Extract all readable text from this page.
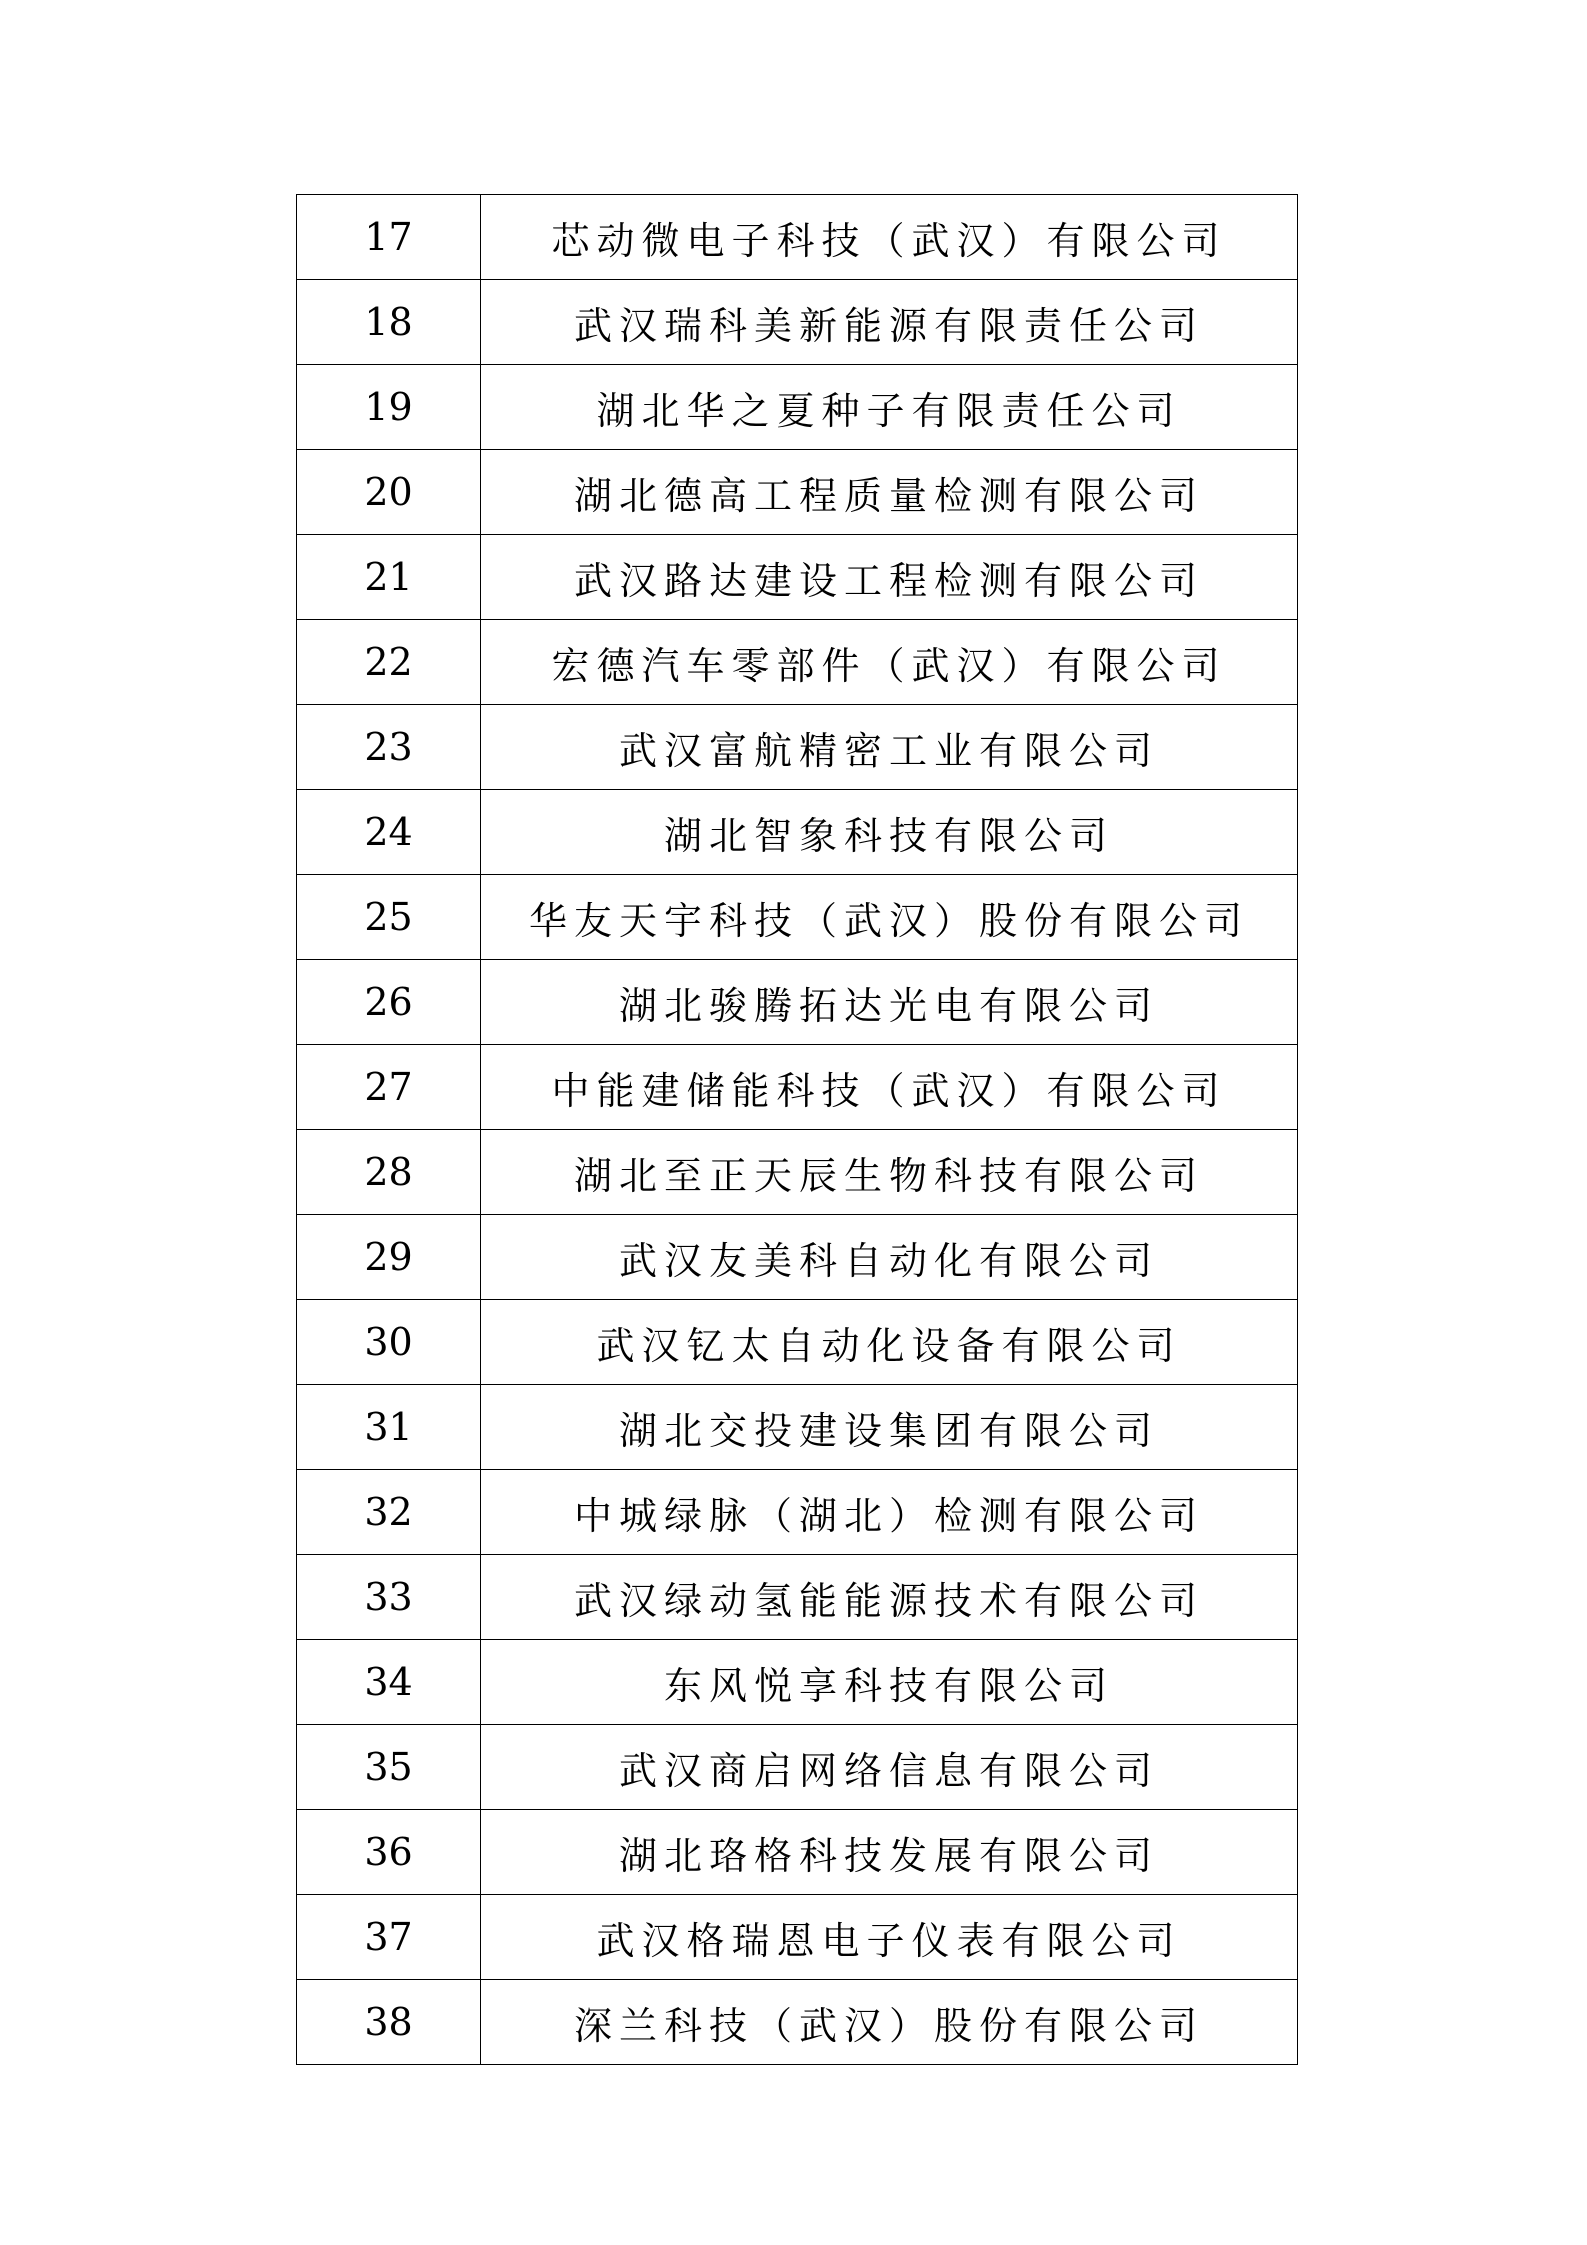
17	芯动微电子科技（武汉）有限公司
18	武汉瑞科美新能源有限责任公司
19	湖北华之夏种子有限责任公司
20	湖北德高工程质量检测有限公司
21	武汉路达建设工程检测有限公司
22	宏德汽车零部件（武汉）有限公司
23	武汉富航精密工业有限公司
24	湖北智象科技有限公司
25	华友天宇科技（武汉）股份有限公司
26	湖北骏腾拓达光电有限公司
27	中能建储能科技（武汉）有限公司
28	湖北至正天辰生物科技有限公司
29	武汉友美科自动化有限公司
30	武汉钇太自动化设备有限公司
31	湖北交投建设集团有限公司
32	中城绿脉（湖北）检测有限公司
33	武汉绿动氢能能源技术有限公司
34	东风悦享科技有限公司
35	武汉商启网络信息有限公司
36	湖北珞格科技发展有限公司
37	武汉格瑞恩电子仪表有限公司
38	深兰科技（武汉）股份有限公司
